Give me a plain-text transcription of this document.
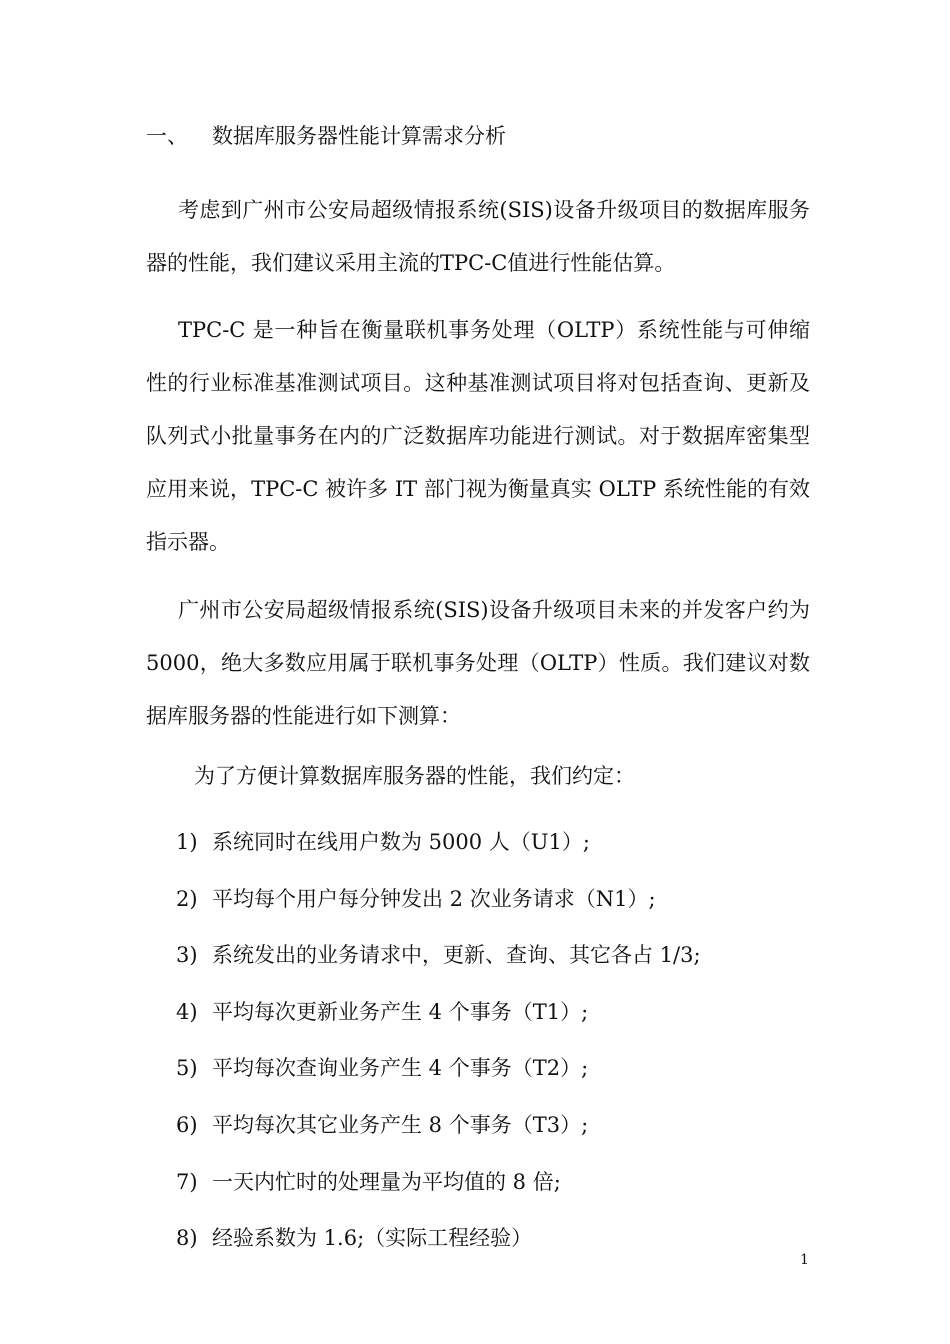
一、 数据库服务器性能计算需求分析

考虑到广州市公安局超级情报系统(SIS)设备升级项目的数据库服务器的性能，我们建议采用主流的TPC-C值进行性能估算。

TPC-C 是一种旨在衡量联机事务处理（OLTP）系统性能与可伸缩性的行业标准基准测试项目。这种基准测试项目将对包括查询、更新及队列式小批量事务在内的广泛数据库功能进行测试。对于数据库密集型应用来说，TPC-C 被许多 IT 部门视为衡量真实 OLTP 系统性能的有效指示器。

广州市公安局超级情报系统(SIS)设备升级项目未来的并发客户约为 5000，绝大多数应用属于联机事务处理（OLTP）性质。我们建议对数据库服务器的性能进行如下测算：

为了方便计算数据库服务器的性能，我们约定：
1) 系统同时在线用户数为 5000 人（U1）;
2) 平均每个用户每分钟发出 2 次业务请求（N1）;
3) 系统发出的业务请求中，更新、查询、其它各占 1/3;
4) 平均每次更新业务产生 4 个事务（T1）;
5) 平均每次查询业务产生 4 个事务（T2）;
6) 平均每次其它业务产生 8 个事务（T3）;
7) 一天内忙时的处理量为平均值的 8 倍;
8) 经验系数为 1.6;（实际工程经验）
1
